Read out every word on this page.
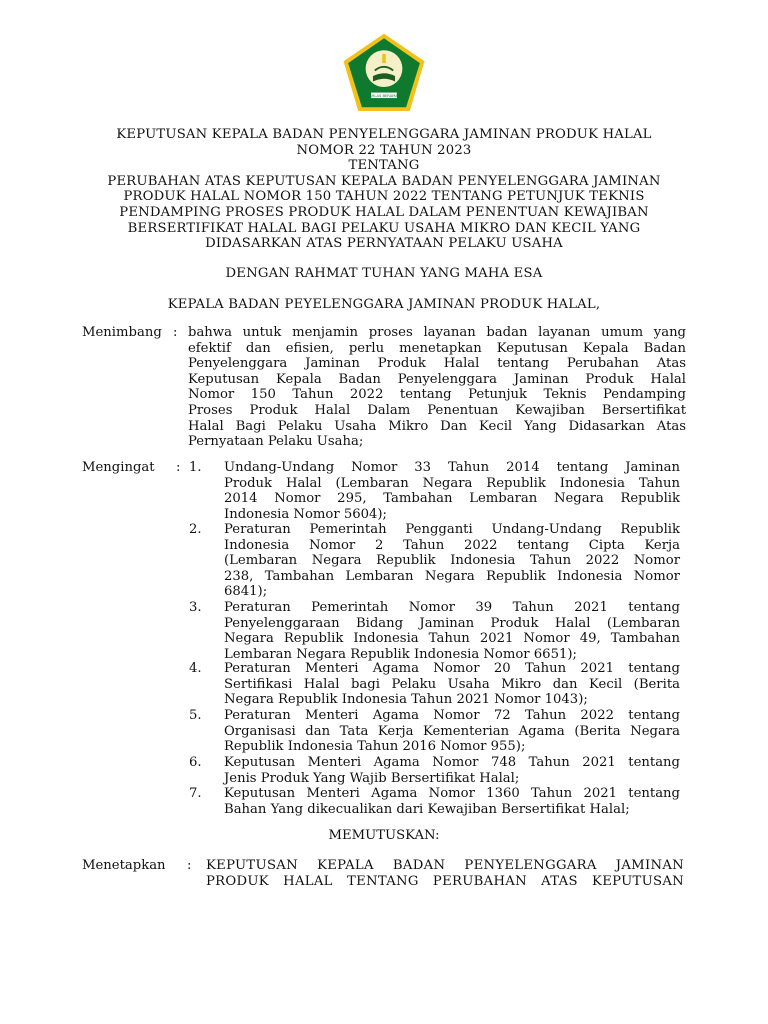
IKHLAS BERAMAL
KEPUTUSAN KEPALA BADAN PENYELENGGARA JAMINAN PRODUK HALAL
NOMOR 22 TAHUN 2023
TENTANG
PERUBAHAN ATAS KEPUTUSAN KEPALA BADAN PENYELENGGARA JAMINAN
PRODUK HALAL NOMOR 150 TAHUN 2022 TENTANG PETUNJUK TEKNIS
PENDAMPING PROSES PRODUK HALAL DALAM PENENTUAN KEWAJIBAN
BERSERTIFIKAT HALAL BAGI PELAKU USAHA MIKRO DAN KECIL YANG
DIDASARKAN ATAS PERNYATAAN PELAKU USAHA
DENGAN RAHMAT TUHAN YANG MAHA ESA
KEPALA BADAN PEYELENGGARA JAMINAN PRODUK HALAL,
Menimbang : bahwa untuk menjamin proses layanan badan layanan umum yang
efektif dan efisien, perlu menetapkan Keputusan Kepala Badan
Penyelenggara Jaminan Produk Halal tentang Perubahan Atas
Keputusan Kepala Badan Penyelenggara Jaminan Produk Halal
Nomor 150 Tahun 2022 tentang Petunjuk Teknis Pendamping
Proses Produk Halal Dalam Penentuan Kewajiban Bersertifikat
Halal Bagi Pelaku Usaha Mikro Dan Kecil Yang Didasarkan Atas
Pernyataan Pelaku Usaha;
Mengingat : 1. Undang-Undang Nomor 33 Tahun 2014 tentang Jaminan
Produk Halal (Lembaran Negara Republik Indonesia Tahun
2014 Nomor 295, Tambahan Lembaran Negara Republik
Indonesia Nomor 5604);
2. Peraturan Pemerintah Pengganti Undang-Undang Republik
Indonesia Nomor 2 Tahun 2022 tentang Cipta Kerja
(Lembaran Negara Republik Indonesia Tahun 2022 Nomor
238, Tambahan Lembaran Negara Republik Indonesia Nomor
6841);
3. Peraturan Pemerintah Nomor 39 Tahun 2021 tentang
Penyelenggaraan Bidang Jaminan Produk Halal (Lembaran
Negara Republik Indonesia Tahun 2021 Nomor 49, Tambahan
Lembaran Negara Republik Indonesia Nomor 6651);
4. Peraturan Menteri Agama Nomor 20 Tahun 2021 tentang
Sertifikasi Halal bagi Pelaku Usaha Mikro dan Kecil (Berita
Negara Republik Indonesia Tahun 2021 Nomor 1043);
5. Peraturan Menteri Agama Nomor 72 Tahun 2022 tentang
Organisasi dan Tata Kerja Kementerian Agama (Berita Negara
Republik Indonesia Tahun 2016 Nomor 955);
6. Keputusan Menteri Agama Nomor 748 Tahun 2021 tentang
Jenis Produk Yang Wajib Bersertifikat Halal;
7. Keputusan Menteri Agama Nomor 1360 Tahun 2021 tentang
Bahan Yang dikecualikan dari Kewajiban Bersertifikat Halal;
MEMUTUSKAN:
Menetapkan : KEPUTUSAN KEPALA BADAN PENYELENGGARA JAMINAN
PRODUK HALAL TENTANG PERUBAHAN ATAS KEPUTUSAN
